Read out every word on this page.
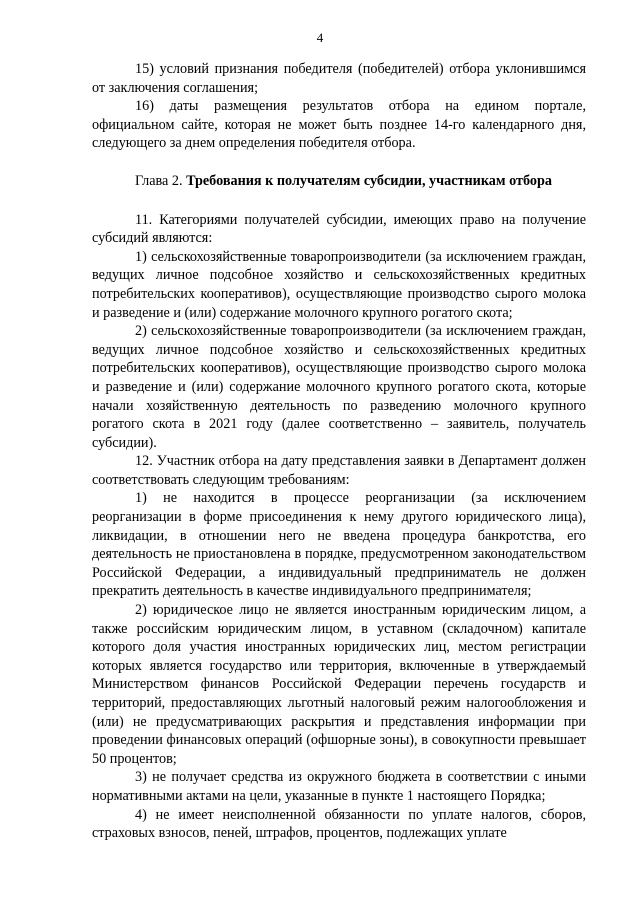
4

15) условий признания победителя (победителей) отбора уклонившимся от заключения соглашения;

16) даты размещения результатов отбора на едином портале, официальном сайте, которая не может быть позднее 14-го календарного дня, следующего за днем определения победителя отбора.

Глава 2. Требования к получателям субсидии, участникам отбора

11. Категориями получателей субсидии, имеющих право на получение субсидий являются:

1) сельскохозяйственные товаропроизводители (за исключением граждан, ведущих личное подсобное хозяйство и сельскохозяйственных кредитных потребительских кооперативов), осуществляющие производство сырого молока и разведение и (или) содержание молочного крупного рогатого скота;

2) сельскохозяйственные товаропроизводители (за исключением граждан, ведущих личное подсобное хозяйство и сельскохозяйственных кредитных потребительских кооперативов), осуществляющие производство сырого молока и разведение и (или) содержание молочного крупного рогатого скота, которые начали хозяйственную деятельность по разведению молочного крупного рогатого скота в 2021 году (далее соответственно – заявитель, получатель субсидии).

12. Участник отбора на дату представления заявки в Департамент должен соответствовать следующим требованиям:

1) не находится в процессе реорганизации (за исключением реорганизации в форме присоединения к нему другого юридического лица), ликвидации, в отношении него не введена процедура банкротства, его деятельность не приостановлена в порядке, предусмотренном законодательством Российской Федерации, а индивидуальный предприниматель не должен прекратить деятельность в качестве индивидуального предпринимателя;

2) юридическое лицо не является иностранным юридическим лицом, а также российским юридическим лицом, в уставном (складочном) капитале которого доля участия иностранных юридических лиц, местом регистрации которых является государство или территория, включенные в утверждаемый Министерством финансов Российской Федерации перечень государств и территорий, предоставляющих льготный налоговый режим налогообложения и (или) не предусматривающих раскрытия и представления информации при проведении финансовых операций (офшорные зоны), в совокупности превышает 50 процентов;

3) не получает средства из окружного бюджета в соответствии с иными нормативными актами на цели, указанные в пункте 1 настоящего Порядка;

4) не имеет неисполненной обязанности по уплате налогов, сборов, страховых взносов, пеней, штрафов, процентов, подлежащих уплате
